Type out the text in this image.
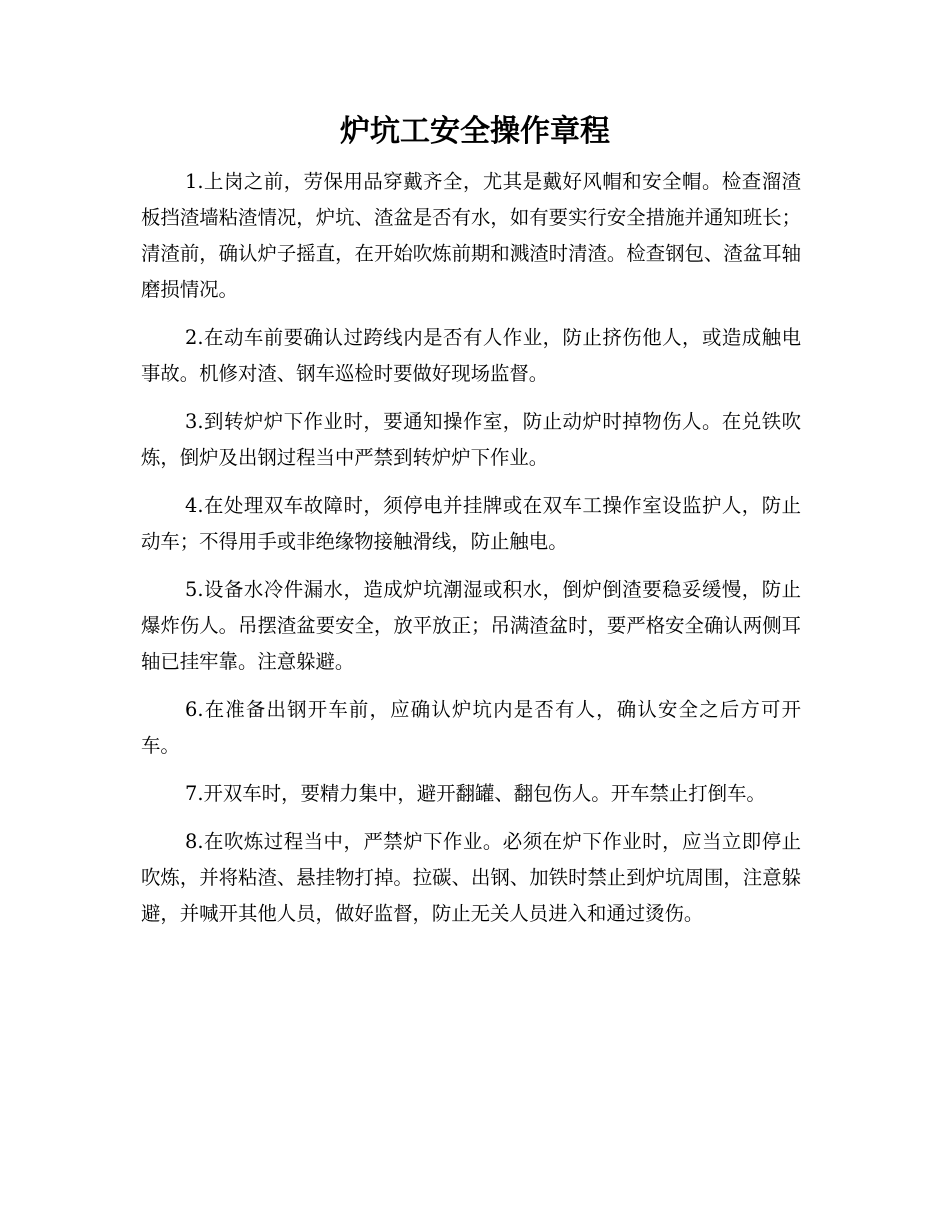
炉坑工安全操作章程

1.上岗之前，劳保用品穿戴齐全，尤其是戴好风帽和安全帽。检查溜渣板挡渣墙粘渣情况，炉坑、渣盆是否有水，如有要实行安全措施并通知班长；清渣前，确认炉子摇直，在开始吹炼前期和溅渣时清渣。检查钢包、渣盆耳轴磨损情况。

2.在动车前要确认过跨线内是否有人作业，防止挤伤他人，或造成触电事故。机修对渣、钢车巡检时要做好现场监督。

3.到转炉炉下作业时，要通知操作室，防止动炉时掉物伤人。在兑铁吹炼，倒炉及出钢过程当中严禁到转炉炉下作业。

4.在处理双车故障时，须停电并挂牌或在双车工操作室设监护人，防止动车；不得用手或非绝缘物接触滑线，防止触电。

5.设备水冷件漏水，造成炉坑潮湿或积水，倒炉倒渣要稳妥缓慢，防止爆炸伤人。吊摆渣盆要安全，放平放正；吊满渣盆时，要严格安全确认两侧耳轴已挂牢靠。注意躲避。

6.在准备出钢开车前，应确认炉坑内是否有人，确认安全之后方可开车。

7.开双车时，要精力集中，避开翻罐、翻包伤人。开车禁止打倒车。

8.在吹炼过程当中，严禁炉下作业。必须在炉下作业时，应当立即停止吹炼，并将粘渣、悬挂物打掉。拉碳、出钢、加铁时禁止到炉坑周围，注意躲避，并喊开其他人员，做好监督，防止无关人员进入和通过烫伤。
